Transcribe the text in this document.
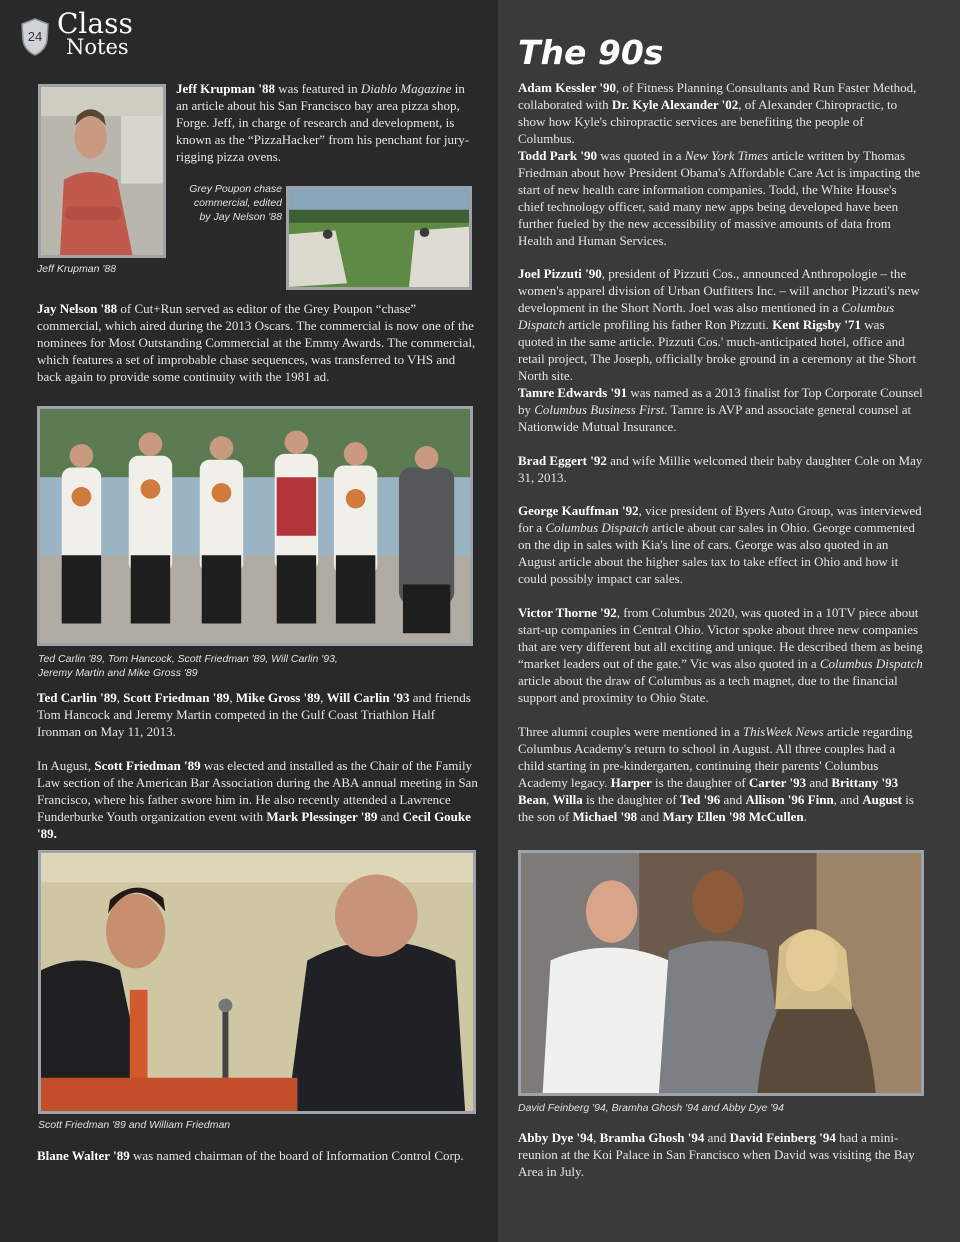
24 Class
Notes	The 90s

Jeff Krupman '88 was featured in Diablo Magazine in an article about his San Francisco bay area pizza shop, Forge. Jeff, in charge of research and development, is known as the “PizzaHacker” from his penchant for jury-rigging pizza ovens.

Grey Poupon chase commercial, edited by Jay Nelson '88
Jeff Krupman '88

Jay Nelson '88 of Cut+Run served as editor of the Grey Poupon “chase” commercial, which aired during the 2013 Oscars. The commercial is now one of the nominees for Most Outstanding Commercial at the Emmy Awards. The commercial, which features a set of improbable chase sequences, was transferred to VHS and back again to provide some continuity with the 1981 ad.

Ted Carlin '89, Tom Hancock, Scott Friedman '89, Will Carlin '93, Jeremy Martin and Mike Gross '89

Ted Carlin '89, Scott Friedman '89, Mike Gross '89, Will Carlin '93 and friends Tom Hancock and Jeremy Martin competed in the Gulf Coast Triathlon Half Ironman on May 11, 2013.

In August, Scott Friedman '89 was elected and installed as the Chair of the Family Law section of the American Bar Association during the ABA annual meeting in San Francisco, where his father swore him in. He also recently attended a Lawrence Funderburke Youth organization event with Mark Plessinger '89 and Cecil Gouke '89.

Scott Friedman '89 and William Friedman

Blane Walter '89 was named chairman of the board of Information Control Corp.

Adam Kessler '90, of Fitness Planning Consultants and Run Faster Method, collaborated with Dr. Kyle Alexander '02, of Alexander Chiropractic, to show how Kyle's chiropractic services are benefiting the people of Columbus.

Todd Park '90 was quoted in a New York Times article written by Thomas Friedman about how President Obama's Affordable Care Act is impacting the start of new health care information companies. Todd, the White House's chief technology officer, said many new apps being developed have been further fueled by the new accessibility of massive amounts of data from Health and Human Services.

Joel Pizzuti '90, president of Pizzuti Cos., announced Anthropologie – the women's apparel division of Urban Outfitters Inc. – will anchor Pizzuti's new development in the Short North. Joel was also mentioned in a Columbus Dispatch article profiling his father Ron Pizzuti. Kent Rigsby '71 was quoted in the same article. Pizzuti Cos.' much-anticipated hotel, office and retail project, The Joseph, officially broke ground in a ceremony at the Short North site.

Tamre Edwards '91 was named as a 2013 finalist for Top Corporate Counsel by Columbus Business First. Tamre is AVP and associate general counsel at Nationwide Mutual Insurance.

Brad Eggert '92 and wife Millie welcomed their baby daughter Cole on May 31, 2013.

George Kauffman '92, vice president of Byers Auto Group, was interviewed for a Columbus Dispatch article about car sales in Ohio. George commented on the dip in sales with Kia's line of cars. George was also quoted in an August article about the higher sales tax to take effect in Ohio and how it could possibly impact car sales.

Victor Thorne '92, from Columbus 2020, was quoted in a 10TV piece about start-up companies in Central Ohio. Victor spoke about three new companies that are very different but all exciting and unique. He described them as being “market leaders out of the gate.” Vic was also quoted in a Columbus Dispatch article about the draw of Columbus as a tech magnet, due to the financial support and proximity to Ohio State.

Three alumni couples were mentioned in a ThisWeek News article regarding Columbus Academy's return to school in August. All three couples had a child starting in pre-kindergarten, continuing their parents' Columbus Academy legacy. Harper is the daughter of Carter '93 and Brittany '93 Bean, Willa is the daughter of Ted '96 and Allison '96 Finn, and August is the son of Michael '98 and Mary Ellen '98 McCullen.

David Feinberg '94, Bramha Ghosh '94 and Abby Dye '94

Abby Dye '94, Bramha Ghosh '94 and David Feinberg '94 had a mini-reunion at the Koi Palace in San Francisco when David was visiting the Bay Area in July.
